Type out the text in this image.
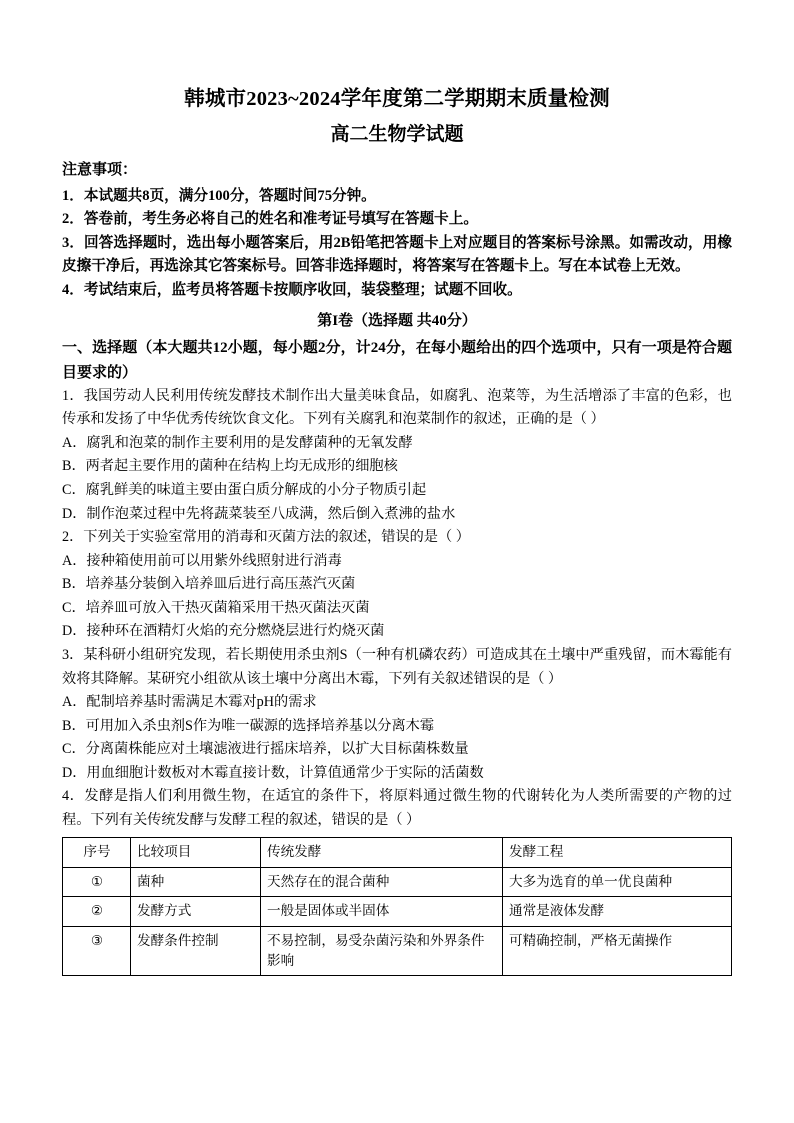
韩城市2023~2024学年度第二学期期末质量检测
高二生物学试题
注意事项：

1．本试题共8页，满分100分，答题时间75分钟。

2．答卷前，考生务必将自己的姓名和准考证号填写在答题卡上。

3．回答选择题时，选出每小题答案后，用2B铅笔把答题卡上对应题目的答案标号涂黑。如需改动，用橡皮擦干净后，再选涂其它答案标号。回答非选择题时，将答案写在答题卡上。写在本试卷上无效。

4．考试结束后，监考员将答题卡按顺序收回，装袋整理；试题不回收。

第I卷（选择题 共40分）

一、选择题（本大题共12小题，每小题2分，计24分，在每小题给出的四个选项中，只有一项是符合题目要求的）

1．我国劳动人民利用传统发酵技术制作出大量美味食品，如腐乳、泡菜等，为生活增添了丰富的色彩，也传承和发扬了中华优秀传统饮食文化。下列有关腐乳和泡菜制作的叙述，正确的是（ ）

A．腐乳和泡菜的制作主要利用的是发酵菌种的无氧发酵

B．两者起主要作用的菌种在结构上均无成形的细胞核

C．腐乳鲜美的味道主要由蛋白质分解成的小分子物质引起

D．制作泡菜过程中先将蔬菜装至八成满，然后倒入煮沸的盐水

2．下列关于实验室常用的消毒和灭菌方法的叙述，错误的是（ ）

A．接种箱使用前可以用紫外线照射进行消毒

B．培养基分装倒入培养皿后进行高压蒸汽灭菌

C．培养皿可放入干热灭菌箱采用干热灭菌法灭菌

D．接种环在酒精灯火焰的充分燃烧层进行灼烧灭菌

3．某科研小组研究发现，若长期使用杀虫剂S（一种有机磷农药）可造成其在土壤中严重残留，而木霉能有效将其降解。某研究小组欲从该土壤中分离出木霉，下列有关叙述错误的是（ ）

A．配制培养基时需满足木霉对pH的需求

B．可用加入杀虫剂S作为唯一碳源的选择培养基以分离木霉

C．分离菌株能应对土壤滤液进行摇床培养，以扩大目标菌株数量

D．用血细胞计数板对木霉直接计数，计算值通常少于实际的活菌数

4．发酵是指人们利用微生物，在适宜的条件下，将原料通过微生物的代谢转化为人类所需要的产物的过程。下列有关传统发酵与发酵工程的叙述，错误的是（ ）

序号	比较项目	传统发酵	发酵工程
①	菌种	天然存在的混合菌种	大多为选育的单一优良菌种
②	发酵方式	一般是固体或半固体	通常是液体发酵
③	发酵条件控制	不易控制，易受杂菌污染和外界条件影响	可精确控制，严格无菌操作
